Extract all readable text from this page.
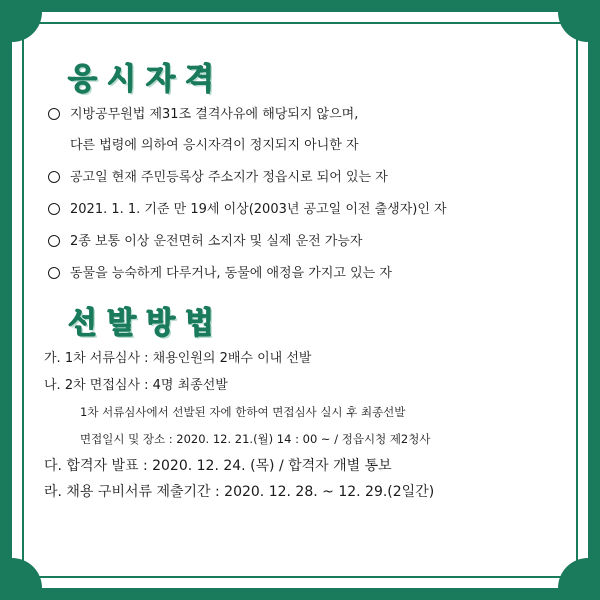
응시자격
지방공무원법 제31조 결격사유에 해당되지 않으며,
다른 법령에 의하여 응시자격이 정지되지 아니한 자
공고일 현재 주민등록상 주소지가 정읍시로 되어 있는 자
2021. 1. 1. 기준 만 19세 이상(2003년 공고일 이전 출생자)인 자
2종 보통 이상 운전면허 소지자 및 실제 운전 가능자
동물을 능숙하게 다루거나, 동물에 애정을 가지고 있는 자
선발방법
가. 1차 서류심사 : 채용인원의 2배수 이내 선발
나. 2차 면접심사 : 4명 최종선발
1차 서류심사에서 선발된 자에 한하여 면접심사 실시 후 최종선발
면접일시 및 장소 : 2020. 12. 21.(월) 14 : 00 ~ / 정읍시청 제2청사
다. 합격자 발표 : 2020. 12. 24. (목) / 합격자 개별 통보
라. 채용 구비서류 제출기간 : 2020. 12. 28. ~ 12. 29.(2일간)
